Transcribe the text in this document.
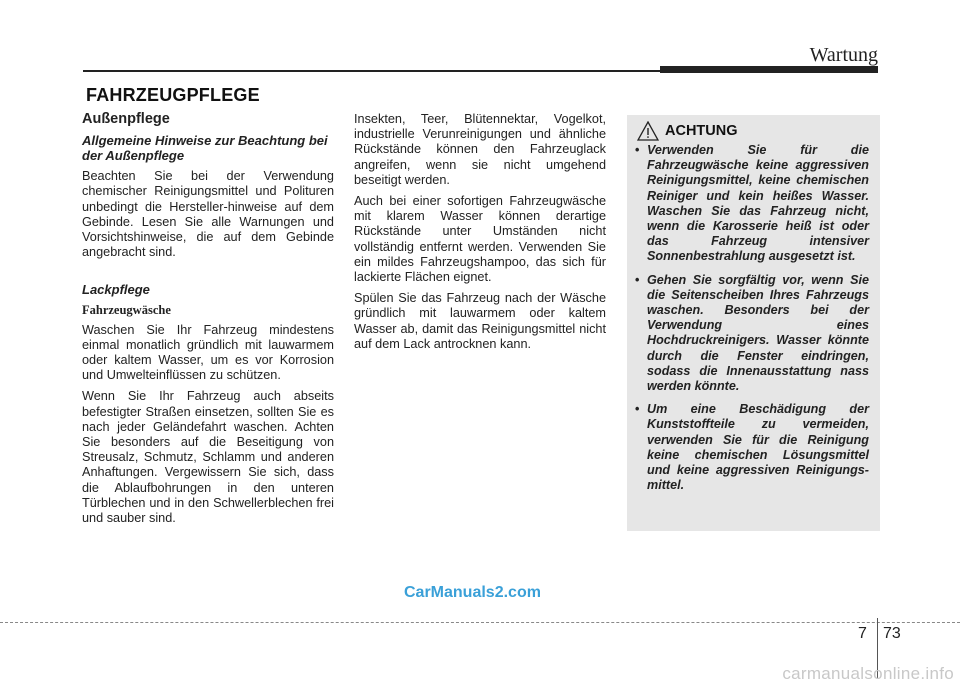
Wartung
FAHRZEUGPFLEGE
Außenpflege
Allgemeine Hinweise zur Beachtung bei der Außenpflege

Beachten Sie bei der Verwendung chemischer Reinigungsmittel und Polituren unbedingt die Hersteller-hinweise auf dem Gebinde. Lesen Sie alle Warnungen und Vorsichtshinweise, die auf dem Gebinde angebracht sind.

Lackpflege
Fahrzeugwäsche

Waschen Sie Ihr Fahrzeug mindestens einmal monatlich gründlich mit lauwarmem oder kaltem Wasser, um es vor Korrosion und Umwelteinflüssen zu schützen.

Wenn Sie Ihr Fahrzeug auch abseits befestigter Straßen einsetzen, sollten Sie es nach jeder Geländefahrt waschen. Achten Sie besonders auf die Beseitigung von Streusalz, Schmutz, Schlamm und anderen Anhaftungen. Vergewissern Sie sich, dass die Ablaufbohrungen in den unteren Türblechen und in den Schwellerblechen frei und sauber sind.

Insekten, Teer, Blütennektar, Vogelkot, industrielle Verunreinigungen und ähnliche Rückstände können den Fahrzeuglack angreifen, wenn sie nicht umgehend beseitigt werden.

Auch bei einer sofortigen Fahrzeugwäsche mit klarem Wasser können derartige Rückstände unter Umständen nicht vollständig entfernt werden. Verwenden Sie ein mildes Fahrzeugshampoo, das sich für lackierte Flächen eignet.

Spülen Sie das Fahrzeug nach der Wäsche gründlich mit lauwarmem oder kaltem Wasser ab, damit das Reinigungsmittel nicht auf dem Lack antrocknen kann.

ACHTUNG
• Verwenden Sie für die Fahrzeugwäsche keine aggressiven Reinigungsmittel, keine chemischen Reiniger und kein heißes Wasser. Waschen Sie das Fahrzeug nicht, wenn die Karosserie heiß ist oder das Fahrzeug intensiver Sonnenbestrahlung ausgesetzt ist.
• Gehen Sie sorgfältig vor, wenn Sie die Seitenscheiben Ihres Fahrzeugs waschen. Besonders bei der Verwendung eines Hochdruckreinigers. Wasser könnte durch die Fenster eindringen, sodass die Innenausstattung nass werden könnte.
• Um eine Beschädigung der Kunststoffteile zu vermeiden, verwenden Sie für die Reinigung keine chemischen Lösungsmittel und keine aggressiven Reinigungs-mittel.
CarManuals2.com
7 73
carmanualsonline.info
